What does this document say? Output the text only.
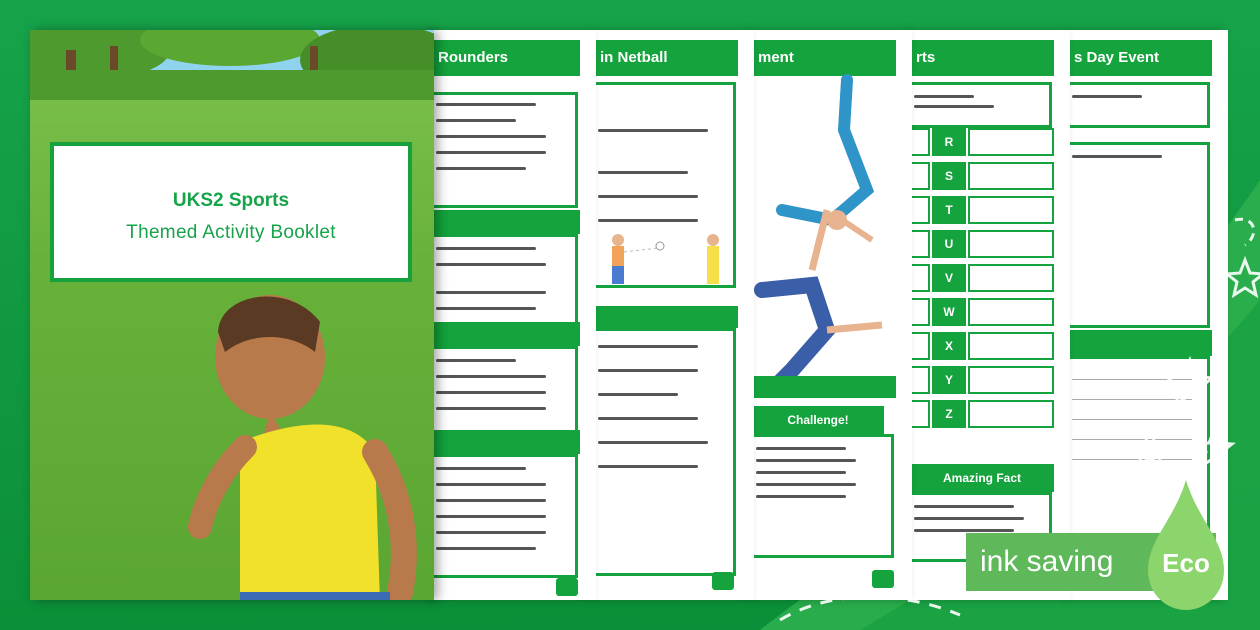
s Day Event
rts
R
S
T
U
V
W
X
Y
Z
Amazing Fact
ment
Challenge!
in Netball
Rounders
UKS2 Sports
Themed Activity Booklet
ink saving Eco
